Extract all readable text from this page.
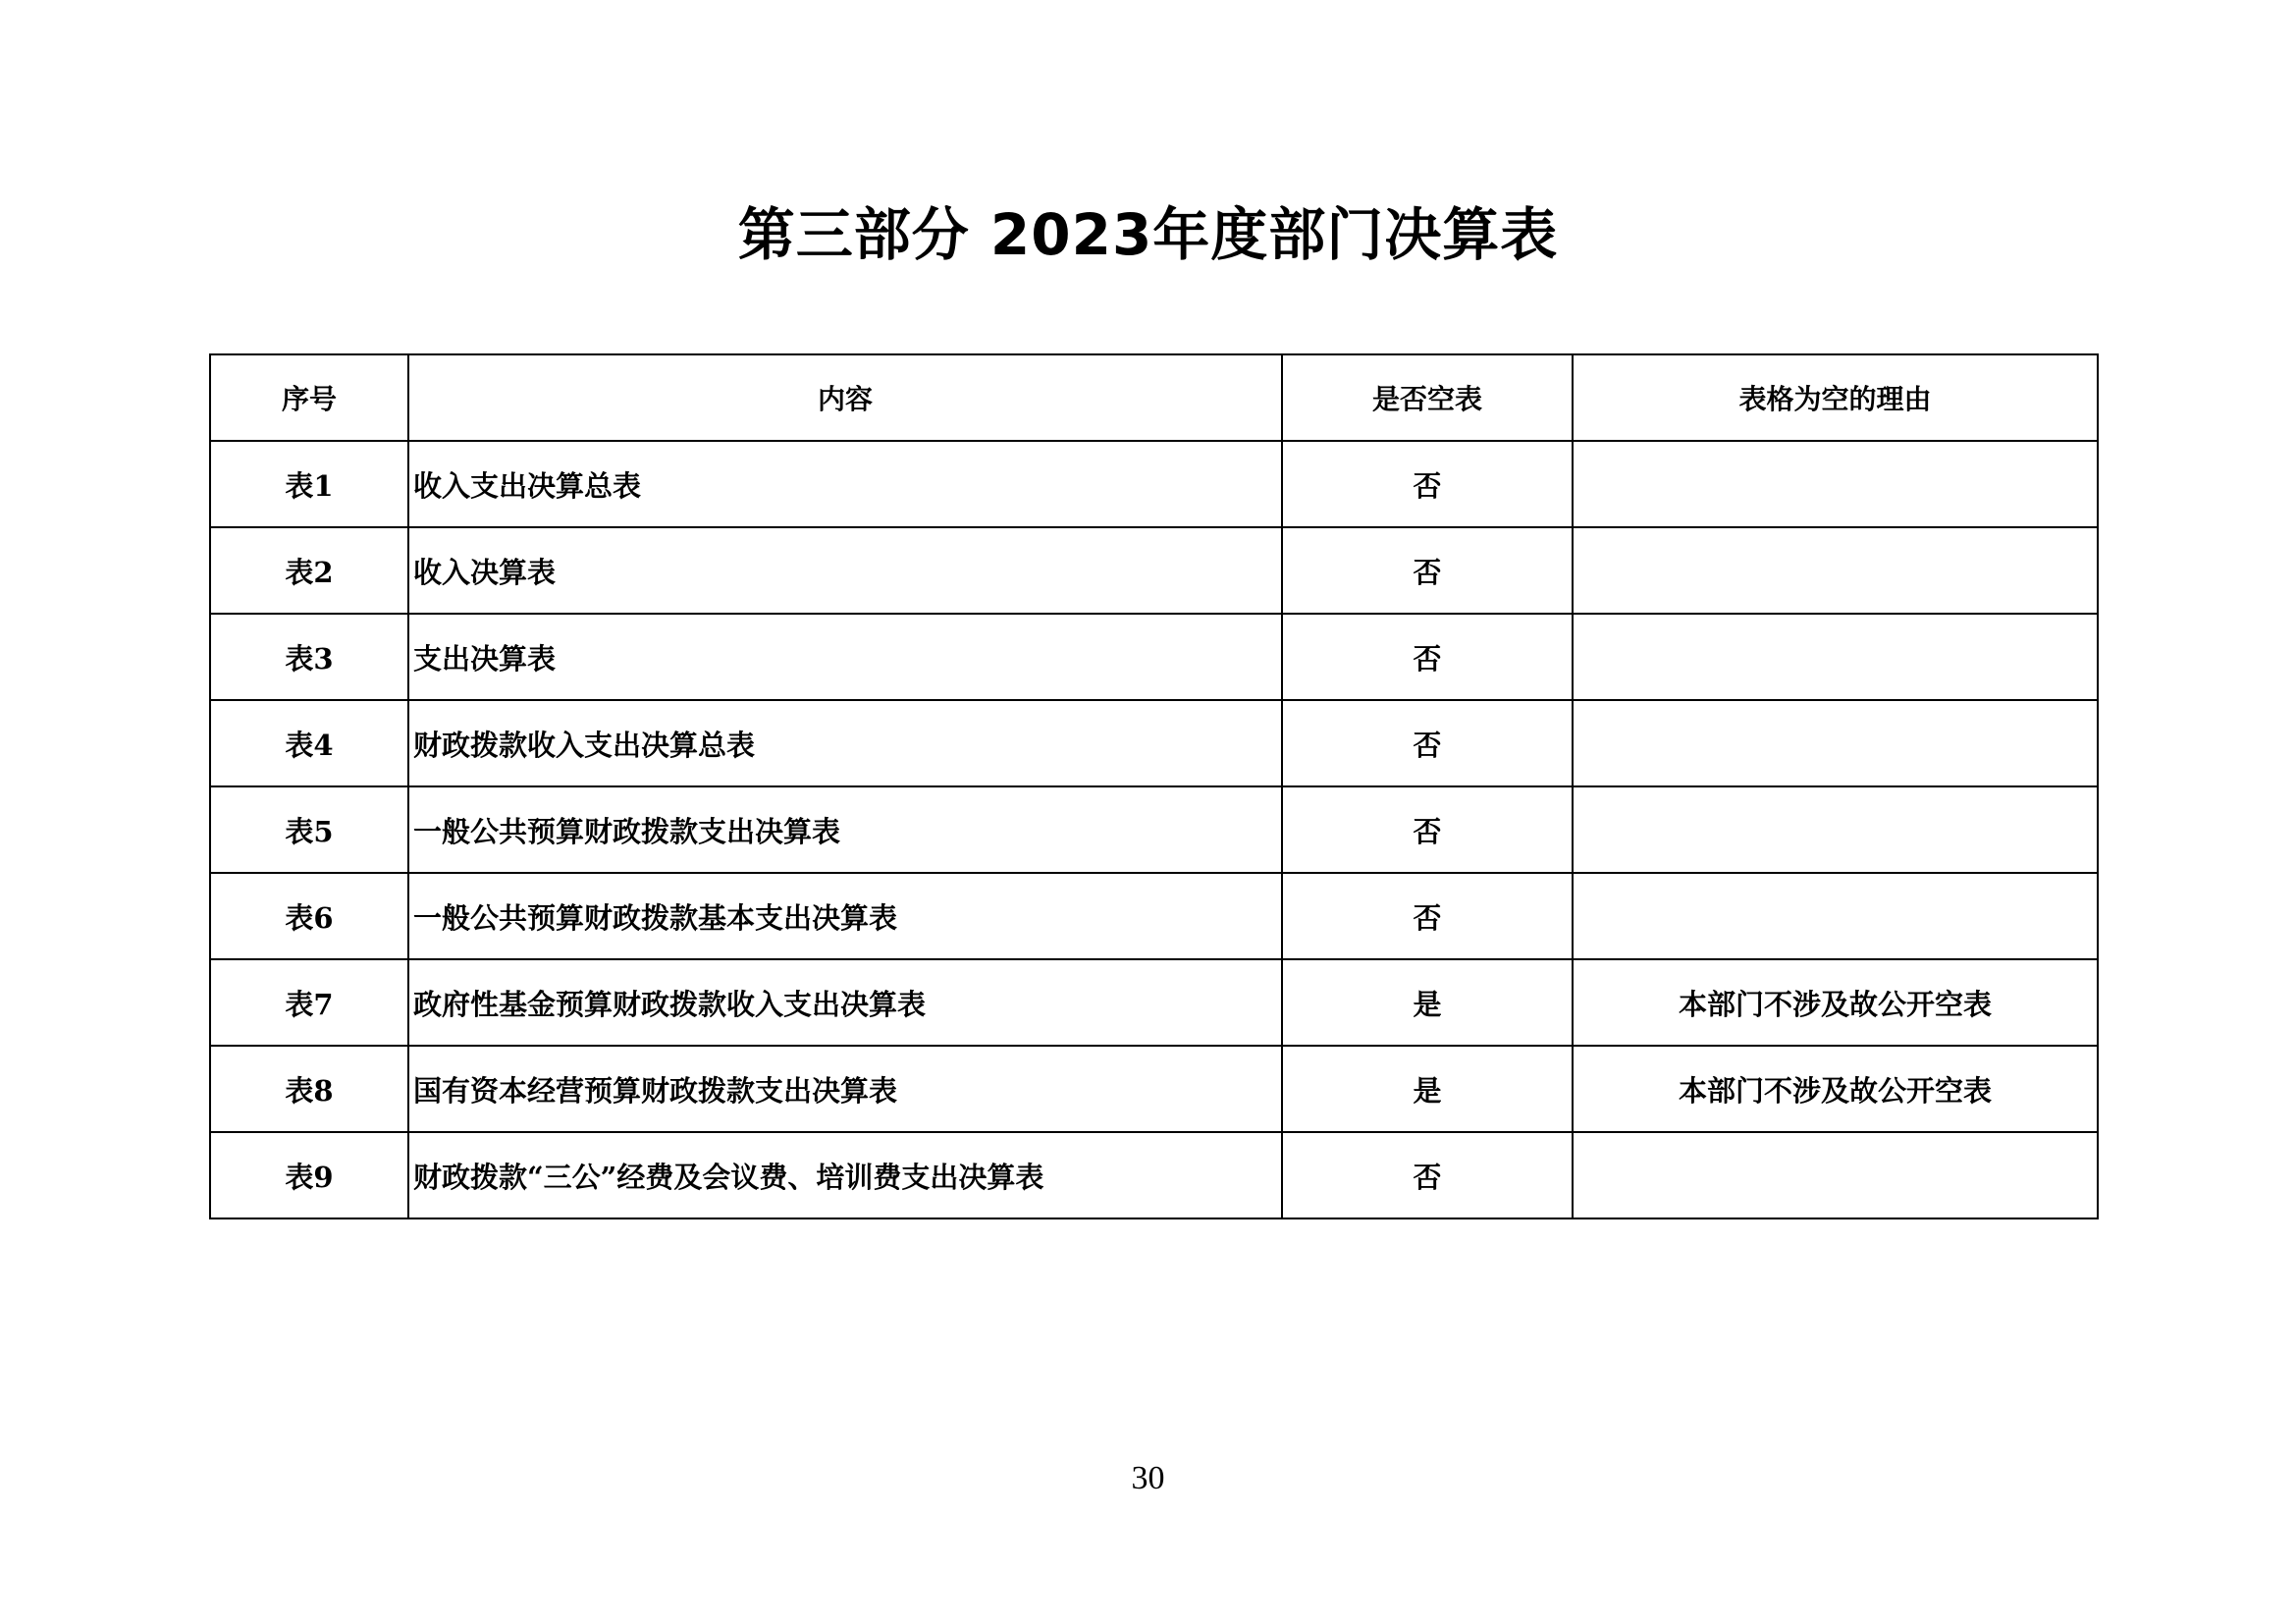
第三部分 2023年度部门决算表
序号	内容	是否空表	表格为空的理由
表1	收入支出决算总表	否	
表2	收入决算表	否	
表3	支出决算表	否	
表4	财政拨款收入支出决算总表	否	
表5	一般公共预算财政拨款支出决算表	否	
表6	一般公共预算财政拨款基本支出决算表	否	
表7	政府性基金预算财政拨款收入支出决算表	是	本部门不涉及故公开空表
表8	国有资本经营预算财政拨款支出决算表	是	本部门不涉及故公开空表
表9	财政拨款“三公”经费及会议费、培训费支出决算表	否	
30
